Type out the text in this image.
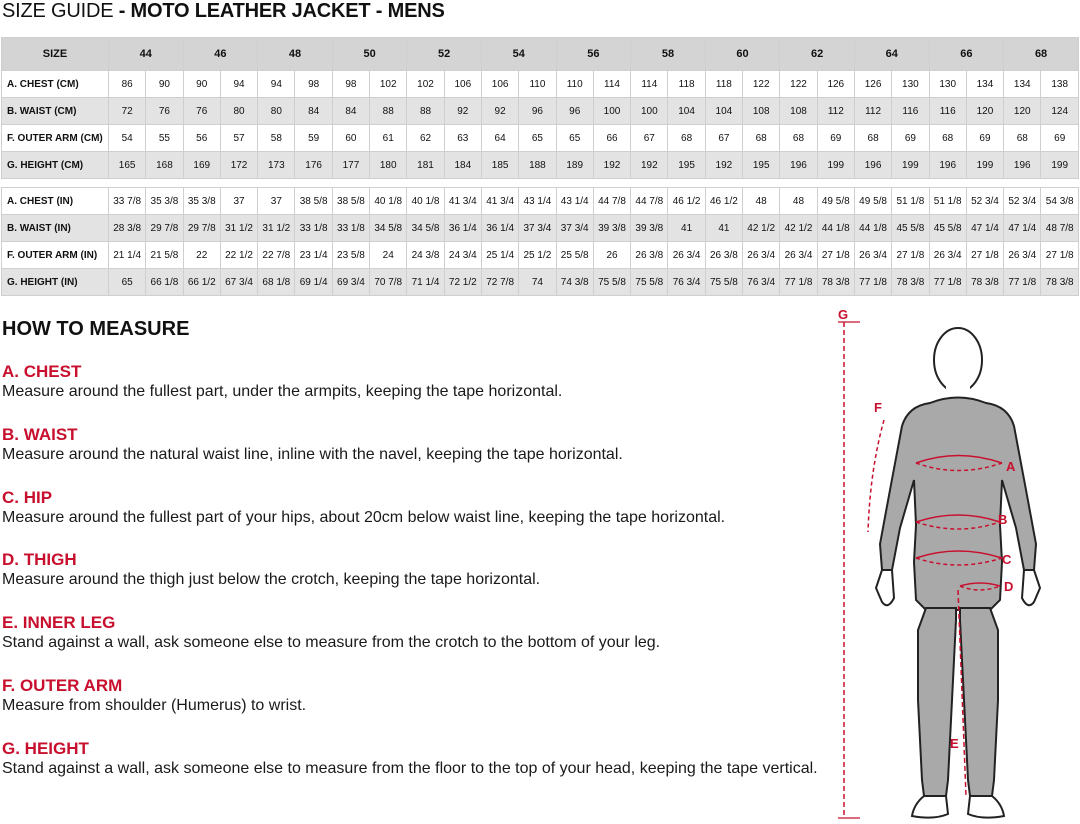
SIZE GUIDE - MOTO LEATHER JACKET - MENS
SIZE	44		46		48		50		52		54		56		58		60		62		64		66		68	
A. CHEST (CM)	86	90	90	94	94	98	98	102	102	106	106	110	110	114	114	118	118	122	122	126	126	130	130	134	134	138
B. WAIST (CM)	72	76	76	80	80	84	84	88	88	92	92	96	96	100	100	104	104	108	108	112	112	116	116	120	120	124
F. OUTER ARM (CM)	54	55	56	57	58	59	60	61	62	63	64	65	65	66	67	68	67	68	68	69	68	69	68	69	68	69
G. HEIGHT (CM)	165	168	169	172	173	176	177	180	181	184	185	188	189	192	192	195	192	195	196	199	196	199	196	199	196	199

A. CHEST (IN)	33 7/8	35 3/8	35 3/8	37	37	38 5/8	38 5/8	40 1/8	40 1/8	41 3/4	41 3/4	43 1/4	43 1/4	44 7/8	44 7/8	46 1/2	46 1/2	48	48	49 5/8	49 5/8	51 1/8	51 1/8	52 3/4	52 3/4	54 3/8
B. WAIST (IN)	28 3/8	29 7/8	29 7/8	31 1/2	31 1/2	33 1/8	33 1/8	34 5/8	34 5/8	36 1/4	36 1/4	37 3/4	37 3/4	39 3/8	39 3/8	41	41	42 1/2	42 1/2	44 1/8	44 1/8	45 5/8	45 5/8	47 1/4	47 1/4	48 7/8
F. OUTER ARM (IN)	21 1/4	21 5/8	22	22 1/2	22 7/8	23 1/4	23 5/8	24	24 3/8	24 3/4	25 1/4	25 1/2	25 5/8	26	26 3/8	26 3/4	26 3/8	26 3/4	26 3/4	27 1/8	26 3/4	27 1/8	26 3/4	27 1/8	26 3/4	27 1/8
G. HEIGHT (IN)	65	66 1/8	66 1/2	67 3/4	68 1/8	69 1/4	69 3/4	70 7/8	71 1/4	72 1/2	72 7/8	74	74 3/8	75 5/8	75 5/8	76 3/4	75 5/8	76 3/4	77 1/8	78 3/8	77 1/8	78 3/8	77 1/8	78 3/8	77 1/8	78 3/8
HOW TO MEASURE
A. CHEST
Measure around the fullest part, under the armpits, keeping the tape horizontal.
B. WAIST
Measure around the natural waist line, inline with the navel, keeping the tape horizontal.
C. HIP
Measure around the fullest part of your hips, about 20cm below waist line, keeping the tape horizontal.
D. THIGH
Measure around the thigh just below the crotch, keeping the tape horizontal.
E. INNER LEG
Stand against a wall, ask someone else to measure from the crotch to the bottom of your leg.
F. OUTER ARM
Measure from shoulder (Humerus) to wrist.
G. HEIGHT
Stand against a wall, ask someone else to measure from the floor to the top of your head, keeping the tape vertical.
G
F
A
B
C
D
E
